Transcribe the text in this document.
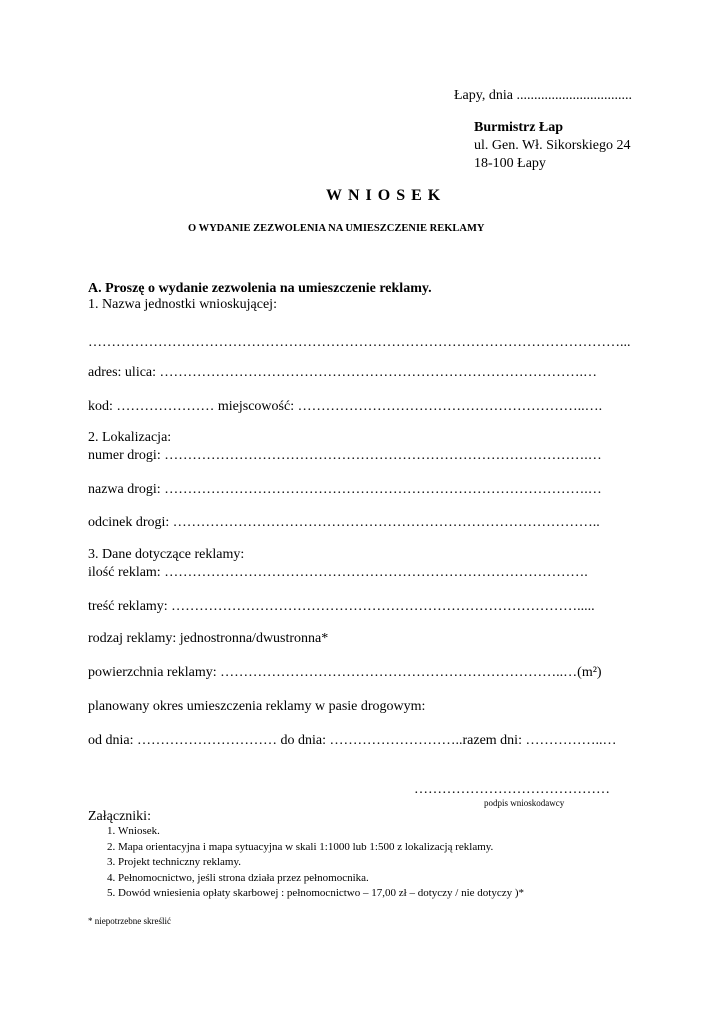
Łapy, dnia .................................
Burmistrz Łap
ul. Gen. Wł. Sikorskiego 24
18-100 Łapy
WNIOSEK
O WYDANIE ZEZWOLENIA NA UMIESZCZENIE REKLAMY
A. Proszę o wydanie zezwolenia na umieszczenie reklamy.
1. Nazwa jednostki wnioskującej:
……………………………………………………………………………………………………...
adres: ulica: ……………………………………………………………………………….…
kod: ………………… miejscowość: ……………………………………………………..….
2. Lokalizacja:
numer drogi: ……………………………………………………………………………….…
nazwa drogi: ……………………………………………………………………………….…
odcinek drogi: ………………………………………………………………………………..
3. Dane dotyczące reklamy:
ilość reklam: ……………………………………………………………………………….
treść reklamy: …………………………………………………………………………….....
rodzaj reklamy: jednostronna/dwustronna*
powierzchnia reklamy: ………………………………………………………………..…(m²)
planowany okres umieszczenia reklamy w pasie drogowym:
od dnia: ………………………… do dnia: ………………………..razem dni: ……………..…
……………………………………
podpis wnioskodawcy
Załączniki:
1. Wniosek.
2. Mapa orientacyjna i mapa sytuacyjna w skali 1:1000 lub 1:500 z lokalizacją reklamy.
3. Projekt techniczny reklamy.
4. Pełnomocnictwo, jeśli strona działa przez pełnomocnika.
5. Dowód wniesienia opłaty skarbowej : pełnomocnictwo – 17,00 zł – dotyczy / nie dotyczy )*
* niepotrzebne skreślić
